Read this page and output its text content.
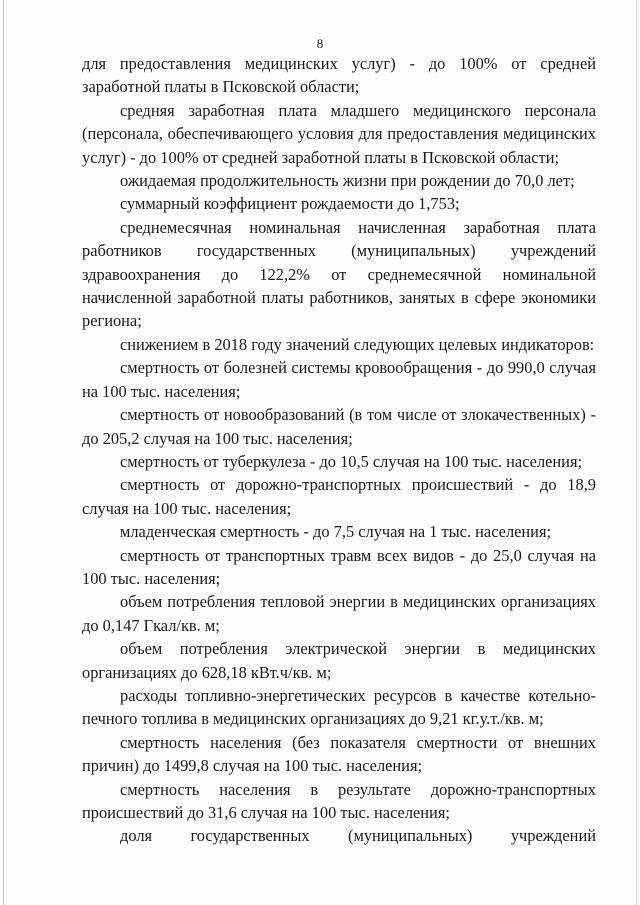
8

для предоставления медицинских услуг) - до 100% от средней заработной платы в Псковской области;

средняя заработная плата младшего медицинского персонала (персонала, обеспечивающего условия для предоставления медицинских услуг) - до 100% от средней заработной платы в Псковской области;

ожидаемая продолжительность жизни при рождении до 70,0 лет;

суммарный коэффициент рождаемости до 1,753;

среднемесячная номинальная начисленная заработная плата работников государственных (муниципальных) учреждений здравоохранения до 122,2% от среднемесячной номинальной начисленной заработной платы работников, занятых в сфере экономики региона;

снижением в 2018 году значений следующих целевых индикаторов:

смертность от болезней системы кровообращения - до 990,0 случая на 100 тыс. населения;

смертность от новообразований (в том числе от злокачественных) - до 205,2 случая на 100 тыс. населения;

смертность от туберкулеза - до 10,5 случая на 100 тыс. населения;

смертность от дорожно-транспортных происшествий - до 18,9 случая на 100 тыс. населения;

младенческая смертность - до 7,5 случая на 1 тыс. населения;

смертность от транспортных травм всех видов - до 25,0 случая на 100 тыс. населения;

объем потребления тепловой энергии в медицинских организациях до 0,147 Гкал/кв. м;

объем потребления электрической энергии в медицинских организациях до 628,18 кВт.ч/кв. м;

расходы топливно-энергетических ресурсов в качестве котельно-печного топлива в медицинских организациях до 9,21 кг.у.т./кв. м;

смертность населения (без показателя смертности от внешних причин) до 1499,8 случая на 100 тыс. населения;

смертность населения в результате дорожно-транспортных происшествий до 31,6 случая на 100 тыс. населения;

доля государственных (муниципальных) учреждений
